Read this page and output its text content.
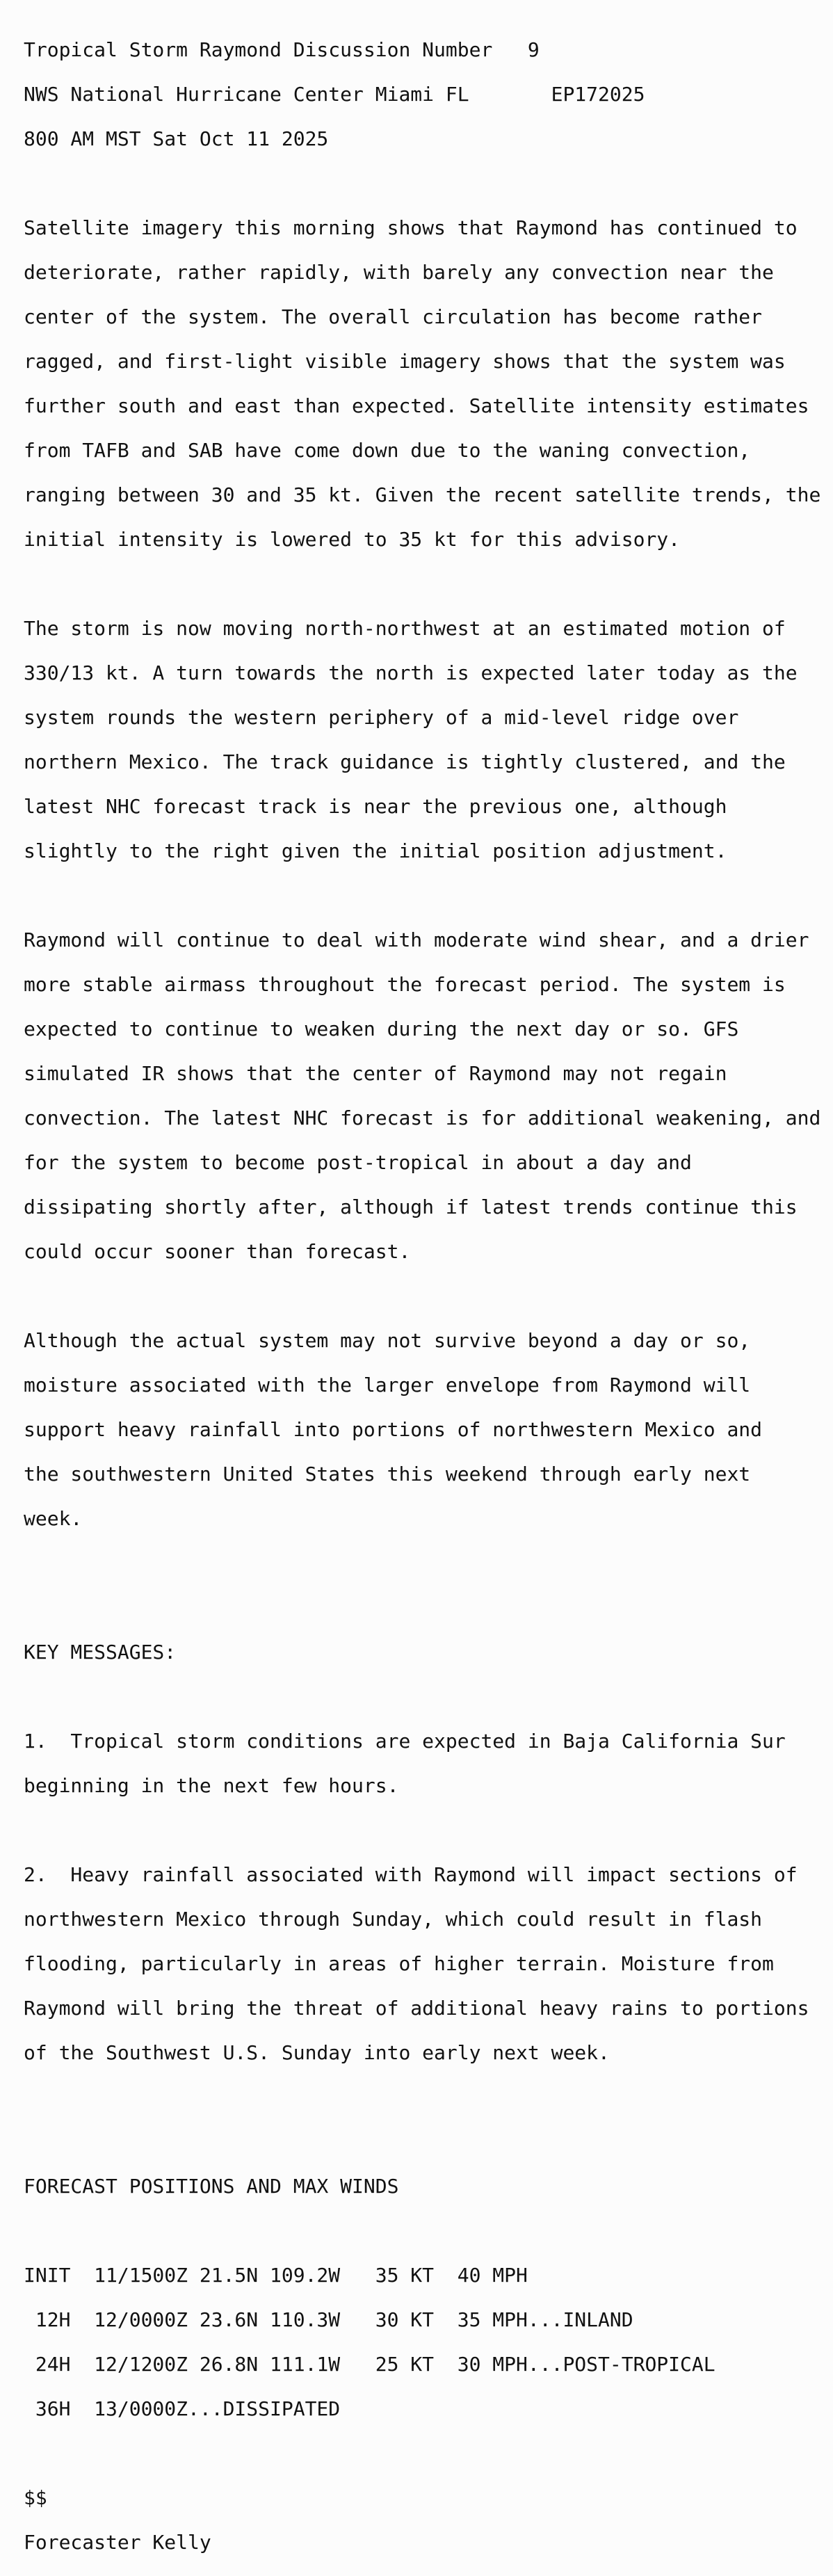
Tropical Storm Raymond Discussion Number   9

NWS National Hurricane Center Miami FL       EP172025

800 AM MST Sat Oct 11 2025

Satellite imagery this morning shows that Raymond has continued to

deteriorate, rather rapidly, with barely any convection near the

center of the system. The overall circulation has become rather

ragged, and first-light visible imagery shows that the system was

further south and east than expected. Satellite intensity estimates

from TAFB and SAB have come down due to the waning convection,

ranging between 30 and 35 kt. Given the recent satellite trends, the

initial intensity is lowered to 35 kt for this advisory.

The storm is now moving north-northwest at an estimated motion of

330/13 kt. A turn towards the north is expected later today as the

system rounds the western periphery of a mid-level ridge over

northern Mexico. The track guidance is tightly clustered, and the

latest NHC forecast track is near the previous one, although

slightly to the right given the initial position adjustment.

Raymond will continue to deal with moderate wind shear, and a drier

more stable airmass throughout the forecast period. The system is

expected to continue to weaken during the next day or so. GFS

simulated IR shows that the center of Raymond may not regain

convection. The latest NHC forecast is for additional weakening, and

for the system to become post-tropical in about a day and

dissipating shortly after, although if latest trends continue this

could occur sooner than forecast.

Although the actual system may not survive beyond a day or so,

moisture associated with the larger envelope from Raymond will

support heavy rainfall into portions of northwestern Mexico and

the southwestern United States this weekend through early next

week.

KEY MESSAGES:

1.  Tropical storm conditions are expected in Baja California Sur

beginning in the next few hours.

2.  Heavy rainfall associated with Raymond will impact sections of

northwestern Mexico through Sunday, which could result in flash

flooding, particularly in areas of higher terrain. Moisture from

Raymond will bring the threat of additional heavy rains to portions

of the Southwest U.S. Sunday into early next week.

FORECAST POSITIONS AND MAX WINDS

INIT  11/1500Z 21.5N 109.2W   35 KT  40 MPH

12H  12/0000Z 23.6N 110.3W   30 KT  35 MPH...INLAND

24H  12/1200Z 26.8N 111.1W   25 KT  30 MPH...POST-TROPICAL

36H  13/0000Z...DISSIPATED

$$

Forecaster Kelly
